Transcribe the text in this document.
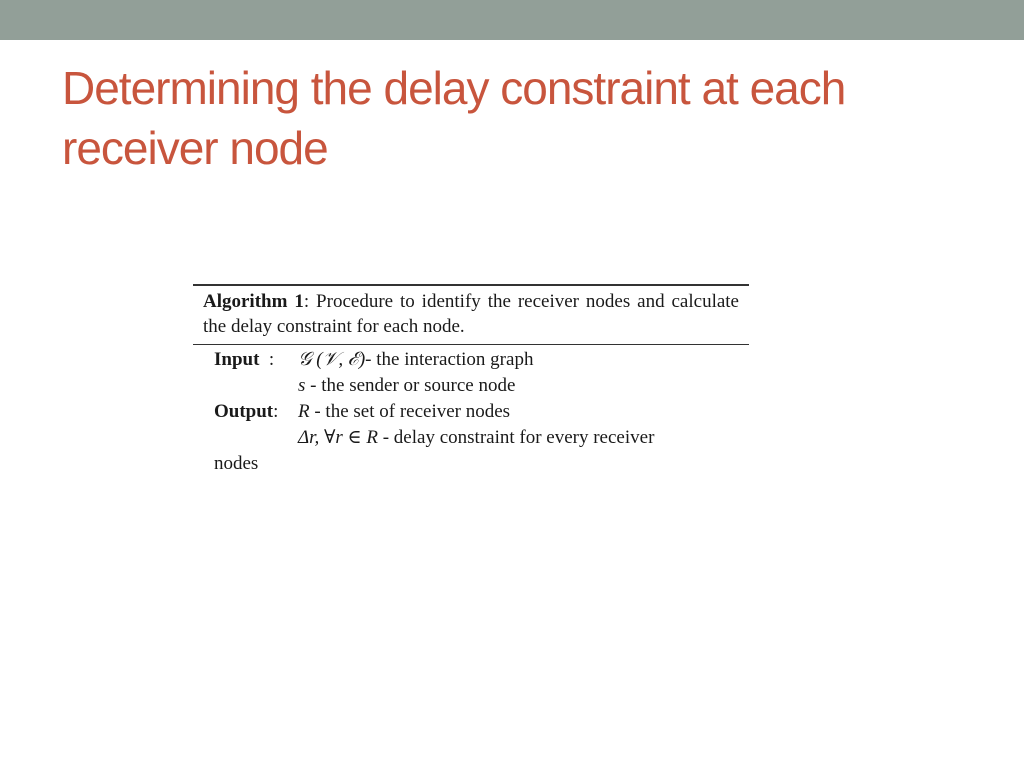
Determining the delay constraint at each receiver node
Algorithm 1: Procedure to identify the receiver nodes and calculate the delay constraint for each node.
Input  :	𝒢 (𝒱, ℰ)- the interaction graph
s - the sender or source node
Output:	R - the set of receiver nodes
Δr, ∀r ∈ R - delay constraint for every receiver
nodes
